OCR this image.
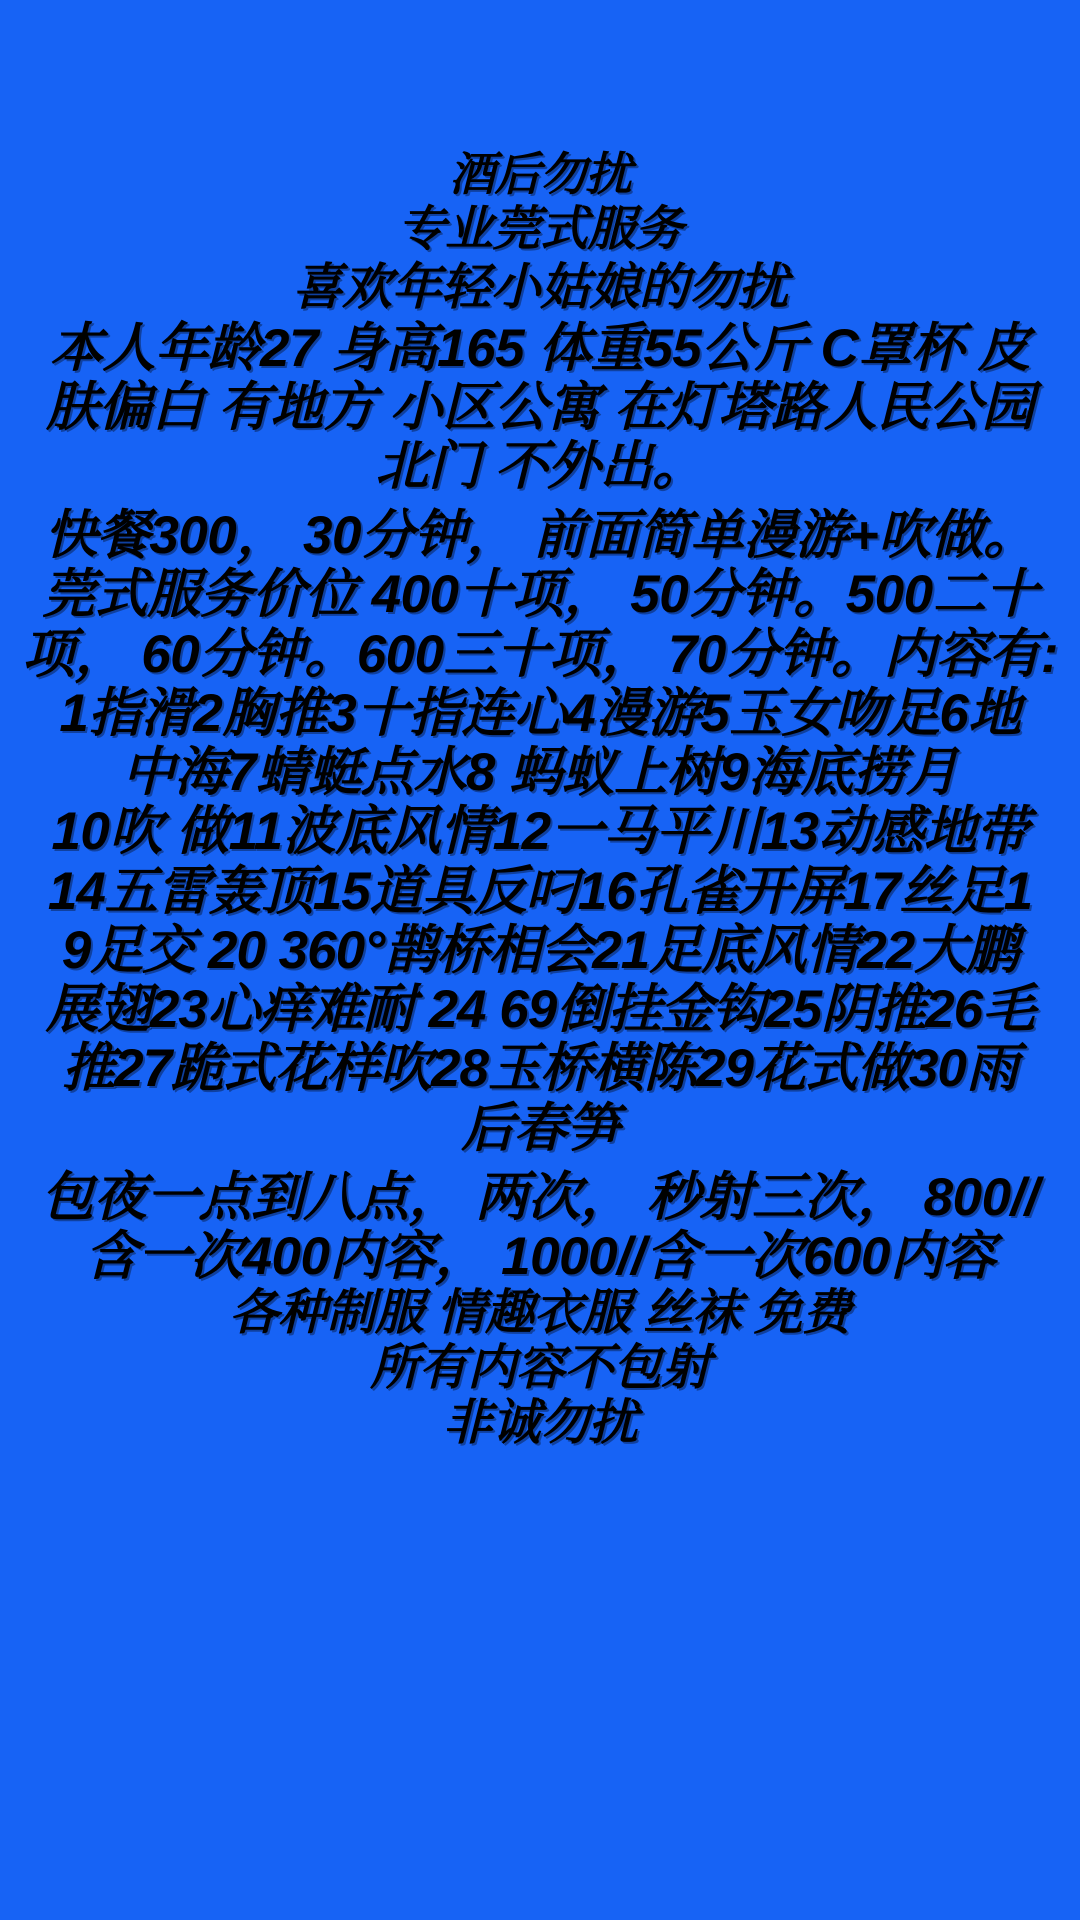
酒后勿扰
专业莞式服务
喜欢年轻小姑娘的勿扰
本人年龄27 身高165 体重55公斤 C罩杯 皮
肤偏白 有地方 小区公寓 在灯塔路人民公园
北门 不外出。
快餐300， 30分钟， 前面简单漫游+吹做。
莞式服务价位 400十项， 50分钟。500二十
项， 60分钟。600三十项， 70分钟。内容有:
1指滑2胸推3十指连心4漫游5玉女吻足6地
中海7蜻蜓点水8 蚂蚁上树9海底捞月
10吹 做11波底风情12一马平川13动感地带
14五雷轰顶15道具反叼16孔雀开屏17丝足1
9足交 20 360°鹊桥相会21足底风情22大鹏
展翅23心痒难耐 24 69倒挂金钩25阴推26毛
推27跪式花样吹28玉桥横陈29花式做30雨
后春笋
包夜一点到八点， 两次， 秒射三次， 800//
含一次400内容， 1000//含一次600内容
各种制服 情趣衣服 丝袜 免费
所有内容不包射
非诚勿扰
